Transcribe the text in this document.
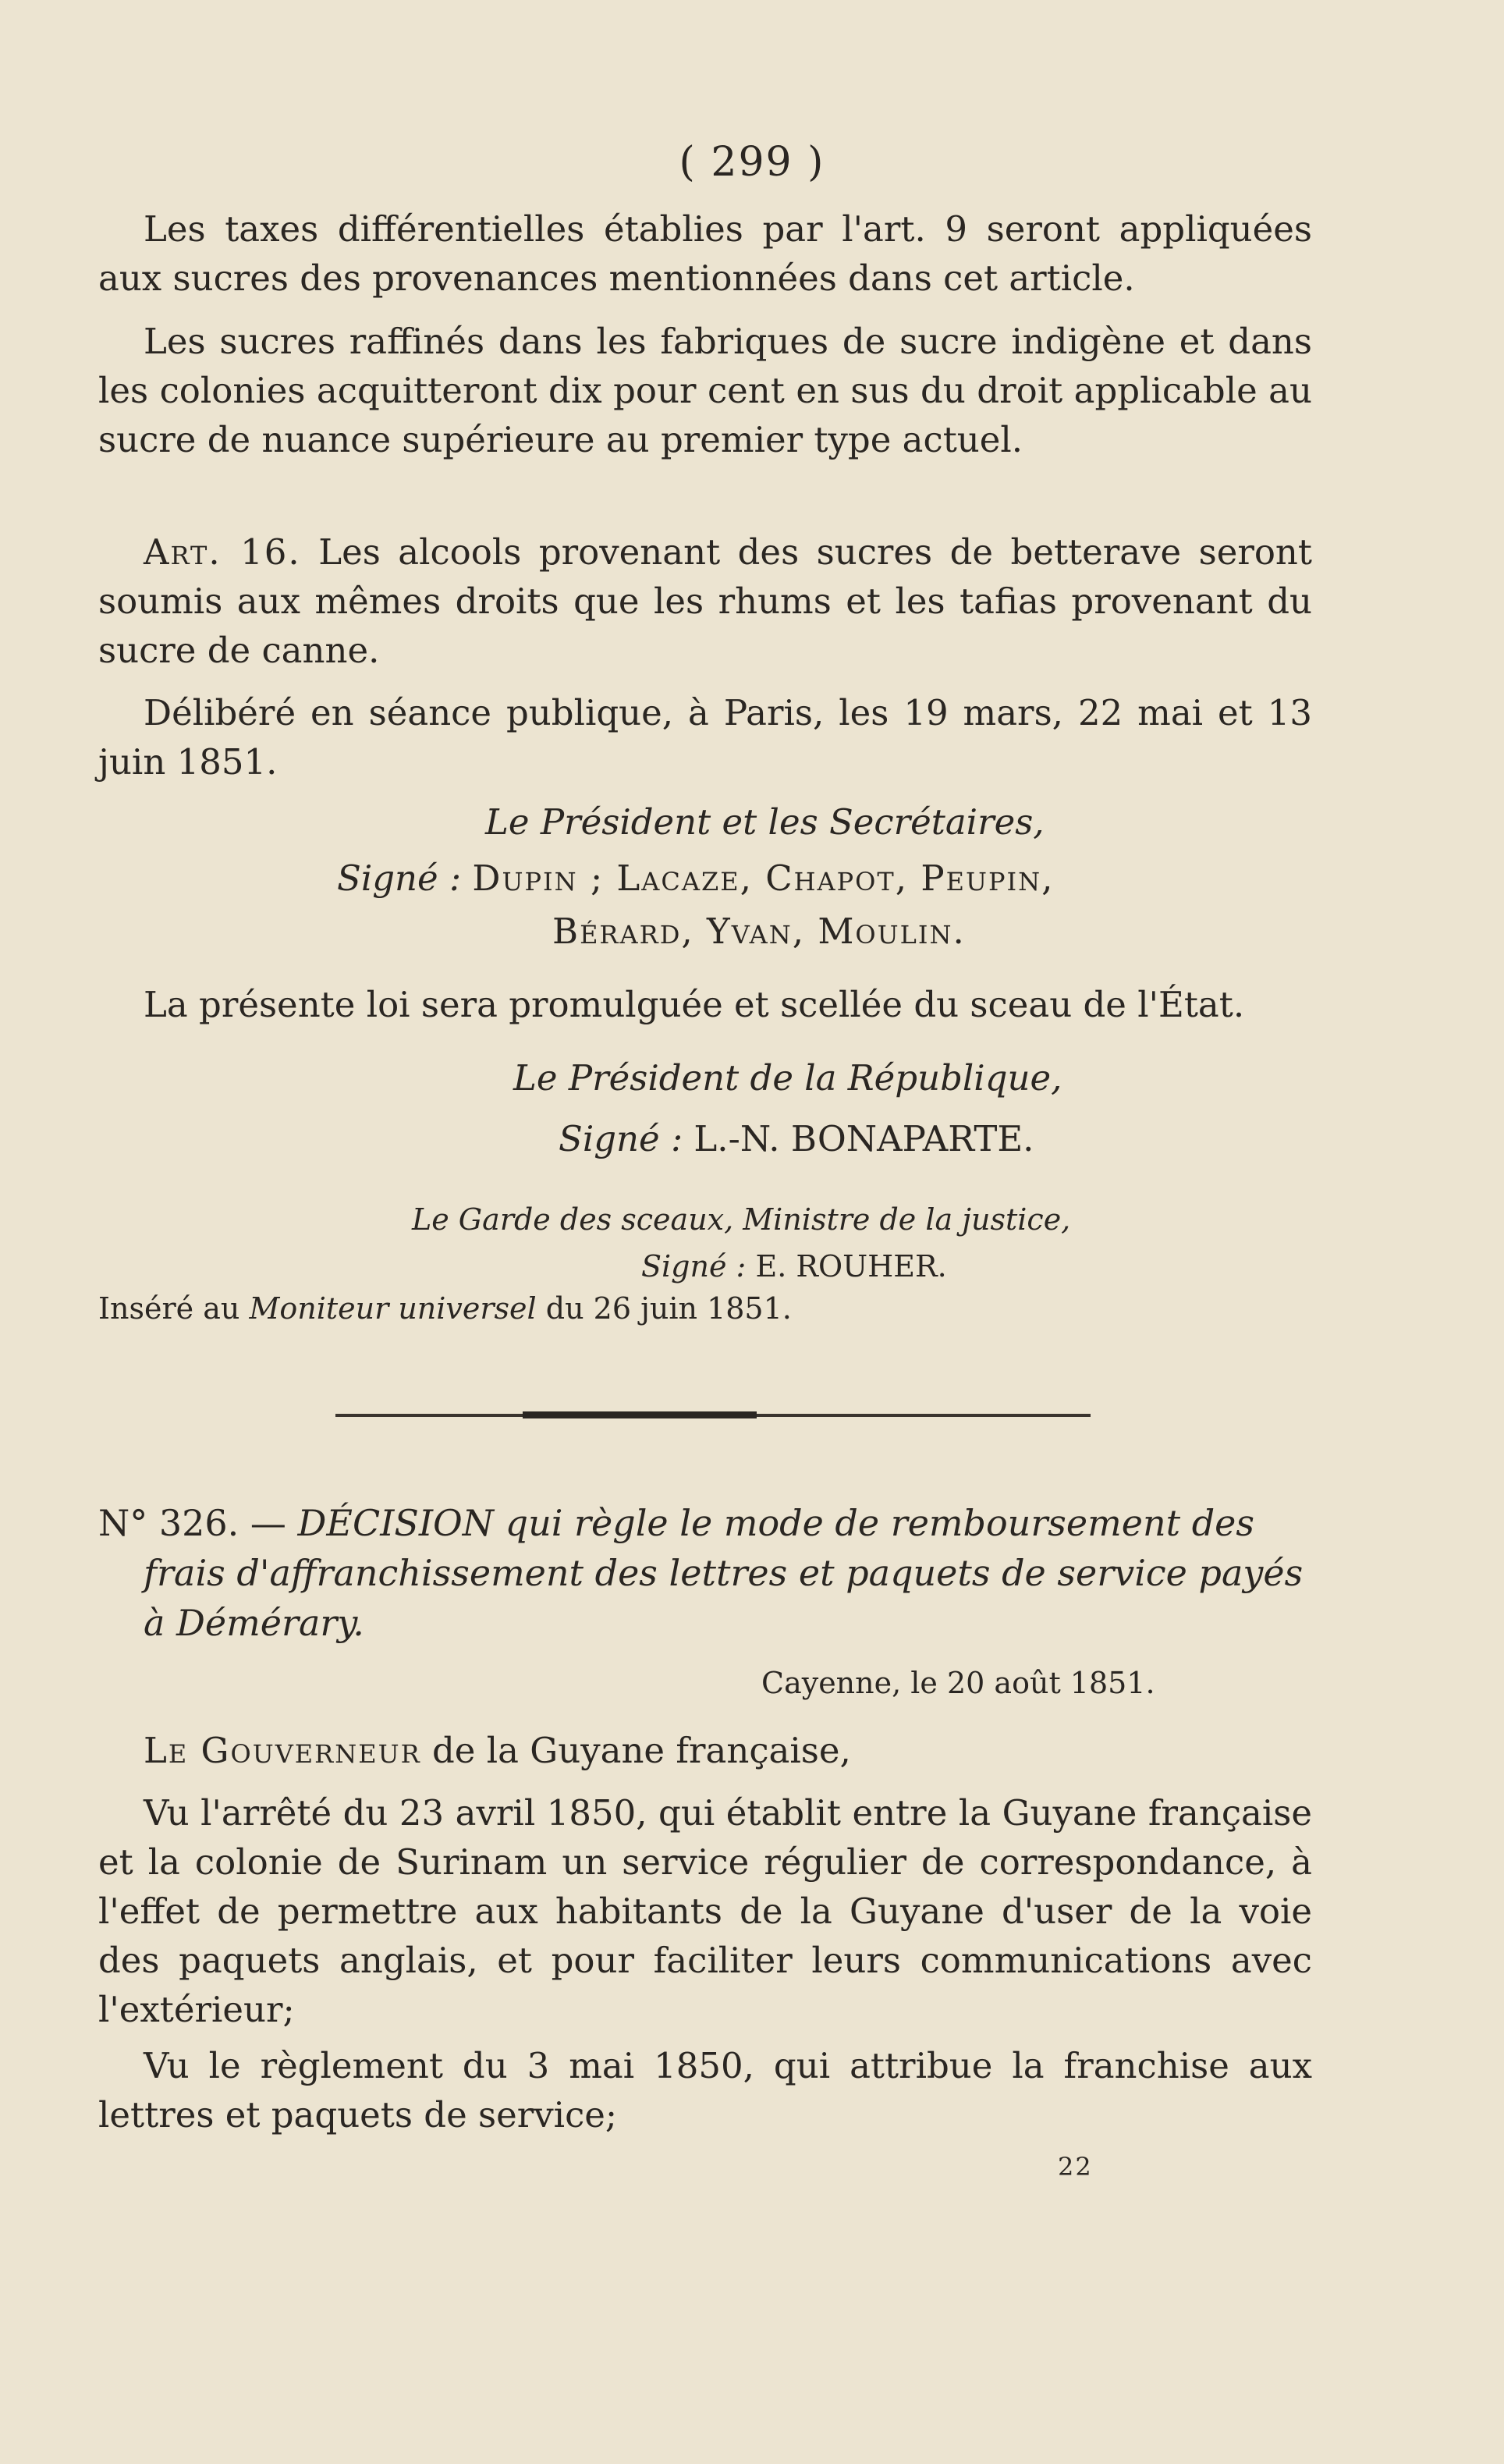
( 299 )

Les taxes différentielles établies par l'art. 9 seront appliquées aux sucres des provenances mentionnées dans cet article.

Les sucres raffinés dans les fabriques de sucre indigène et dans les colonies acquitteront dix pour cent en sus du droit applicable au sucre de nuance supérieure au premier type actuel.

Art. 16. Les alcools provenant des sucres de betterave seront soumis aux mêmes droits que les rhums et les tafias provenant du sucre de canne.

Délibéré en séance publique, à Paris, les 19 mars, 22 mai et 13 juin 1851.

Le Président et les Secrétaires,
Signé : Dupin ; Lacaze, Chapot, Peupin,
Bérard, Yvan, Moulin.

La présente loi sera promulguée et scellée du sceau de l'État.

Le Président de la République,
Signé : L.-N. BONAPARTE.
Le Garde des sceaux, Ministre de la justice,
Signé : E. ROUHER.
Inséré au Moniteur universel du 26 juin 1851.

N° 326. — DÉCISION qui règle le mode de remboursement des frais d'affranchissement des lettres et paquets de service payés à Démérary.

Cayenne, le 20 août 1851.

Le Gouverneur de la Guyane française,

Vu l'arrêté du 23 avril 1850, qui établit entre la Guyane française et la colonie de Surinam un service régulier de correspondance, à l'effet de permettre aux habitants de la Guyane d'user de la voie des paquets anglais, et pour faciliter leurs communications avec l'extérieur;

Vu le règlement du 3 mai 1850, qui attribue la franchise aux lettres et paquets de service;

22
